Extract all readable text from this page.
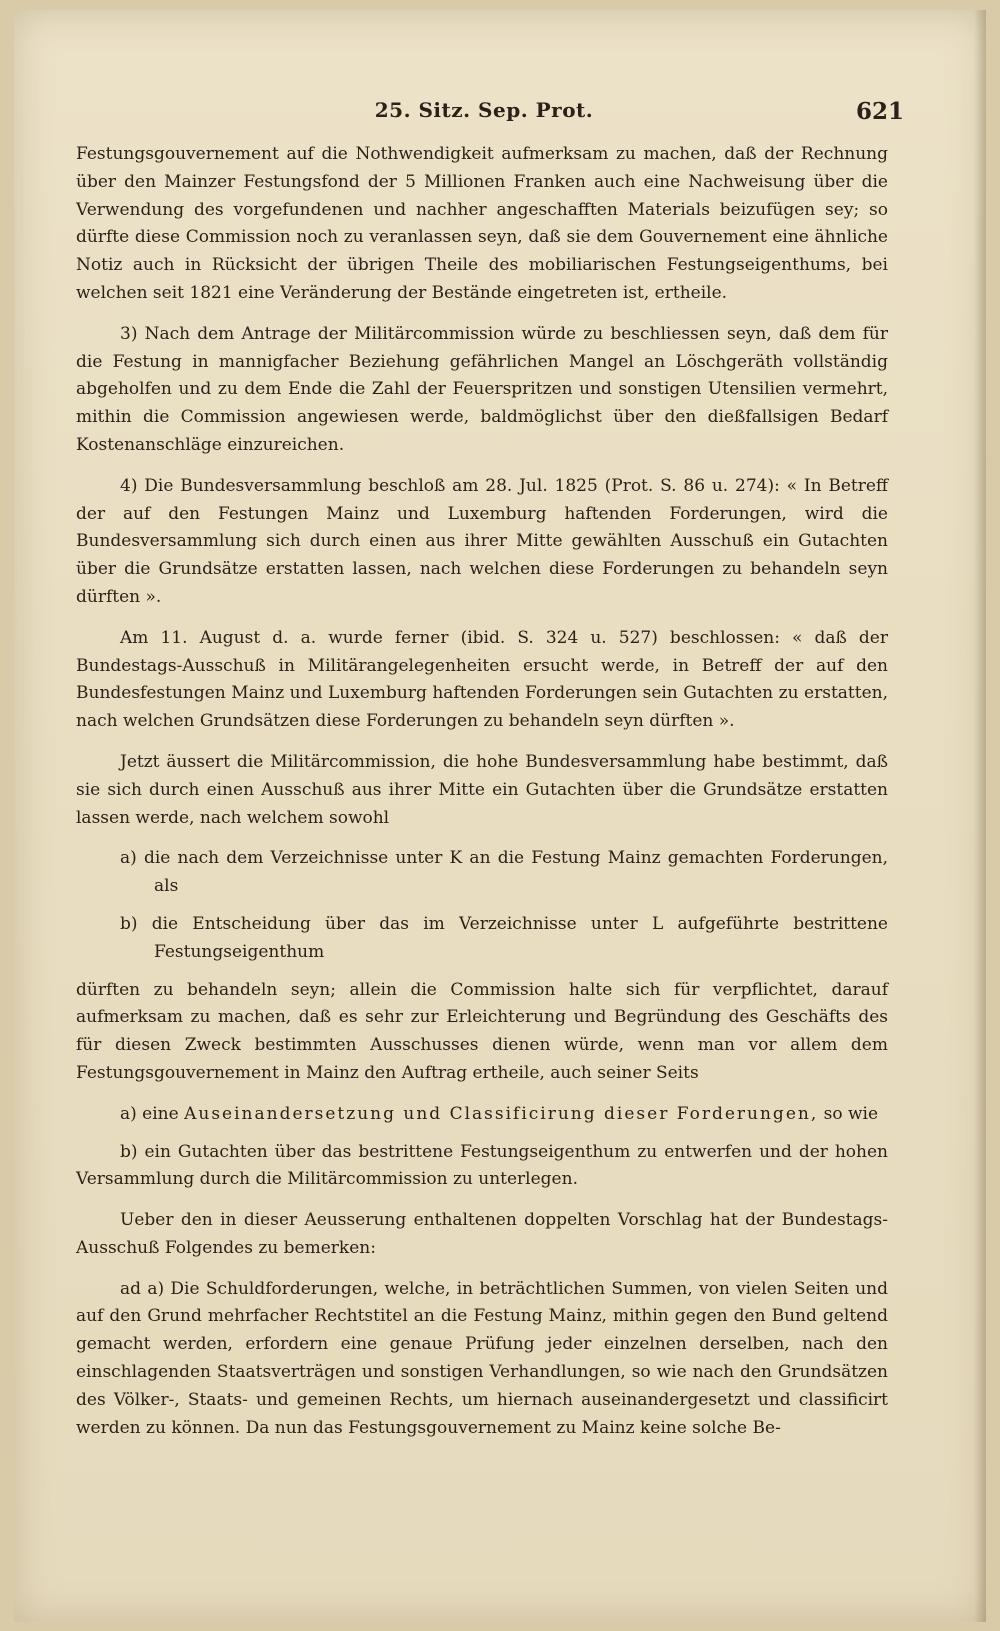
25. Sitz. Sep. Prot.	621

Festungsgouvernement auf die Nothwendigkeit aufmerksam zu machen, daß der Rechnung über den Mainzer Festungsfond der 5 Millionen Franken auch eine Nachweisung über die Verwendung des vorgefundenen und nachher angeschafften Materials beizufügen sey; so dürfte diese Commission noch zu veranlassen seyn, daß sie dem Gouvernement eine ähnliche Notiz auch in Rücksicht der übrigen Theile des mobiliarischen Festungseigenthums, bei welchen seit 1821 eine Veränderung der Bestände eingetreten ist, ertheile.

3) Nach dem Antrage der Militärcommission würde zu beschliessen seyn, daß dem für die Festung in mannigfacher Beziehung gefährlichen Mangel an Löschgeräth vollständig abgeholfen und zu dem Ende die Zahl der Feuerspritzen und sonstigen Utensilien vermehrt, mithin die Commission angewiesen werde, baldmöglichst über den dießfallsigen Bedarf Kostenanschläge einzureichen.

4) Die Bundesversammlung beschloß am 28. Jul. 1825 (Prot. S. 86 u. 274): « In Betreff der auf den Festungen Mainz und Luxemburg haftenden Forderungen, wird die Bundesversammlung sich durch einen aus ihrer Mitte gewählten Ausschuß ein Gutachten über die Grundsätze erstatten lassen, nach welchen diese Forderungen zu behandeln seyn dürften ».

Am 11. August d. a. wurde ferner (ibid. S. 324 u. 527) beschlossen: « daß der Bundestags-Ausschuß in Militärangelegenheiten ersucht werde, in Betreff der auf den Bundesfestungen Mainz und Luxemburg haftenden Forderungen sein Gutachten zu erstatten, nach welchen Grundsätzen diese Forderungen zu behandeln seyn dürften ».

Jetzt äussert die Militärcommission, die hohe Bundesversammlung habe bestimmt, daß sie sich durch einen Ausschuß aus ihrer Mitte ein Gutachten über die Grundsätze erstatten lassen werde, nach welchem sowohl

a) die nach dem Verzeichnisse unter K an die Festung Mainz gemachten Forderungen, als

b) die Entscheidung über das im Verzeichnisse unter L aufgeführte bestrittene Festungseigenthum

dürften zu behandeln seyn; allein die Commission halte sich für verpflichtet, darauf aufmerksam zu machen, daß es sehr zur Erleichterung und Begründung des Geschäfts des für diesen Zweck bestimmten Ausschusses dienen würde, wenn man vor allem dem Festungsgouvernement in Mainz den Auftrag ertheile, auch seiner Seits

a) eine Auseinandersetzung und Classificirung dieser Forderungen, so wie

b) ein Gutachten über das bestrittene Festungseigenthum zu entwerfen und der hohen Versammlung durch die Militärcommission zu unterlegen.

Ueber den in dieser Aeusserung enthaltenen doppelten Vorschlag hat der Bundestags-Ausschuß Folgendes zu bemerken:

ad a) Die Schuldforderungen, welche, in beträchtlichen Summen, von vielen Seiten und auf den Grund mehrfacher Rechtstitel an die Festung Mainz, mithin gegen den Bund geltend gemacht werden, erfordern eine genaue Prüfung jeder einzelnen derselben, nach den einschlagenden Staatsverträgen und sonstigen Verhandlungen, so wie nach den Grundsätzen des Völker-, Staats- und gemeinen Rechts, um hiernach auseinandergesetzt und classificirt werden zu können. Da nun das Festungsgouvernement zu Mainz keine solche Be-
